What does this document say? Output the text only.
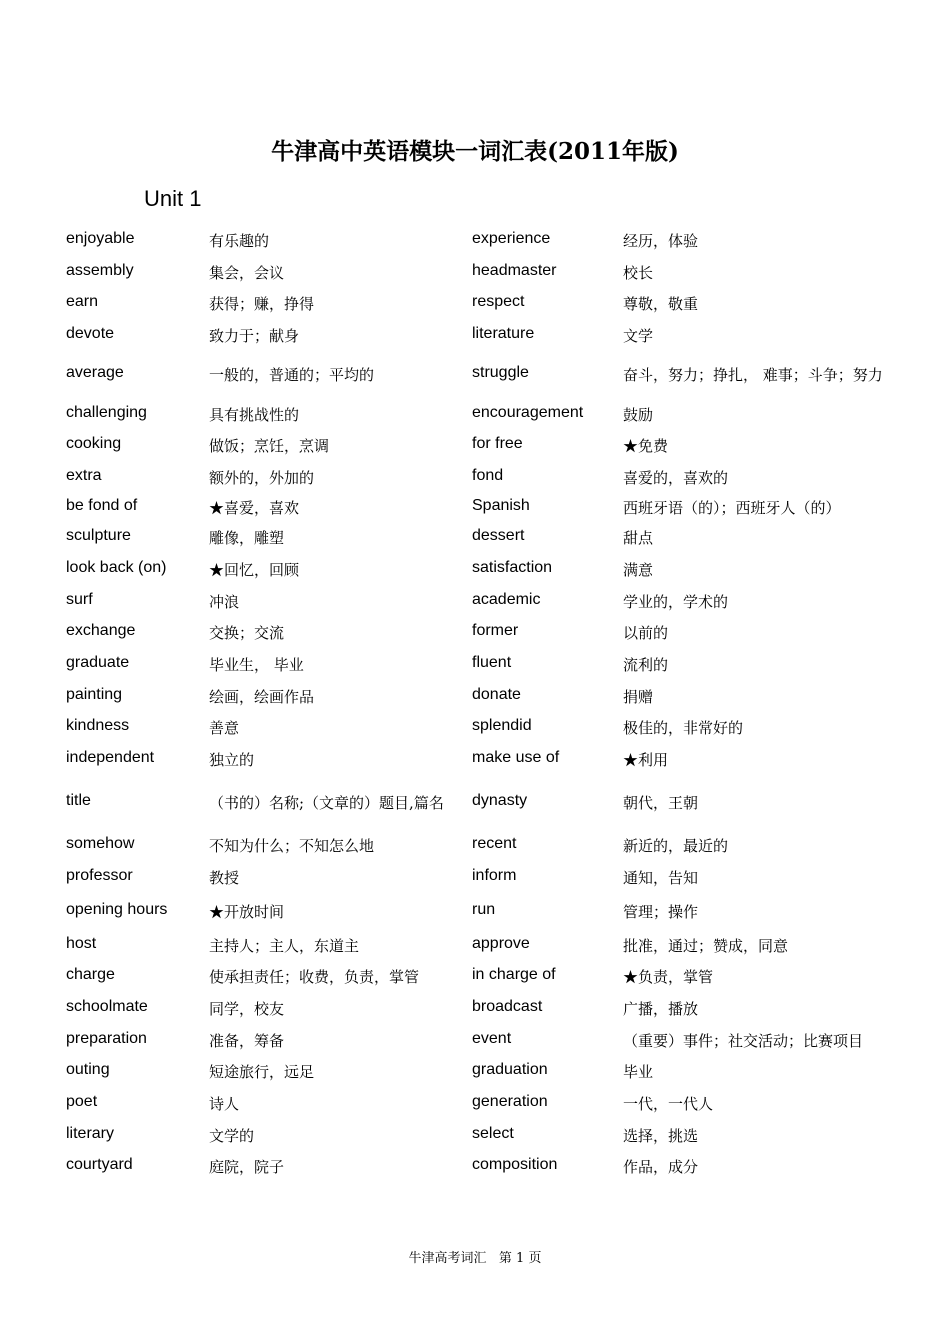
牛津高中英语模块一词汇表(2011年版)
Unit 1
enjoyable	有乐趣的	experience	经历，体验
assembly	集会，会议	headmaster	校长
earn	获得；赚，挣得	respect	尊敬，敬重
devote	致力于；献身	literature	文学
average	一般的，普通的；平均的	struggle	奋斗，努力；挣扎， 难事；斗争；努力
challenging	具有挑战性的	encouragement	鼓励
cooking	做饭；烹饪，烹调	for free	★免费
extra	额外的，外加的	fond	喜爱的，喜欢的
be fond of	★喜爱，喜欢	Spanish	西班牙语（的）；西班牙人（的）
sculpture	雕像，雕塑	dessert	甜点
look back (on)	★回忆，回顾	satisfaction	满意
surf	冲浪	academic	学业的，学术的
exchange	交换；交流	former	以前的
graduate	毕业生， 毕业	fluent	流利的
painting	绘画，绘画作品	donate	捐赠
kindness	善意	splendid	极佳的，非常好的
independent	独立的	make use of	★利用
title	（书的）名称;（文章的）题目,篇名 dynasty	朝代，王朝
somehow	不知为什么；不知怎么地	recent	新近的，最近的
professor	教授	inform	通知，告知
opening hours	★开放时间	run	管理；操作
host	主持人；主人，东道主	approve	批准，通过；赞成，同意
charge	使承担责任；收费，负责，掌管	in charge of	★负责，掌管
schoolmate	同学，校友	broadcast	广播，播放
preparation	准备，筹备	event	（重要）事件；社交活动；比赛项目
outing	短途旅行，远足	graduation	毕业
poet	诗人	generation	一代，一代人
literary	文学的	select	选择，挑选
courtyard	庭院，院子	composition	作品，成分
牛津高考词汇   第 1 页
